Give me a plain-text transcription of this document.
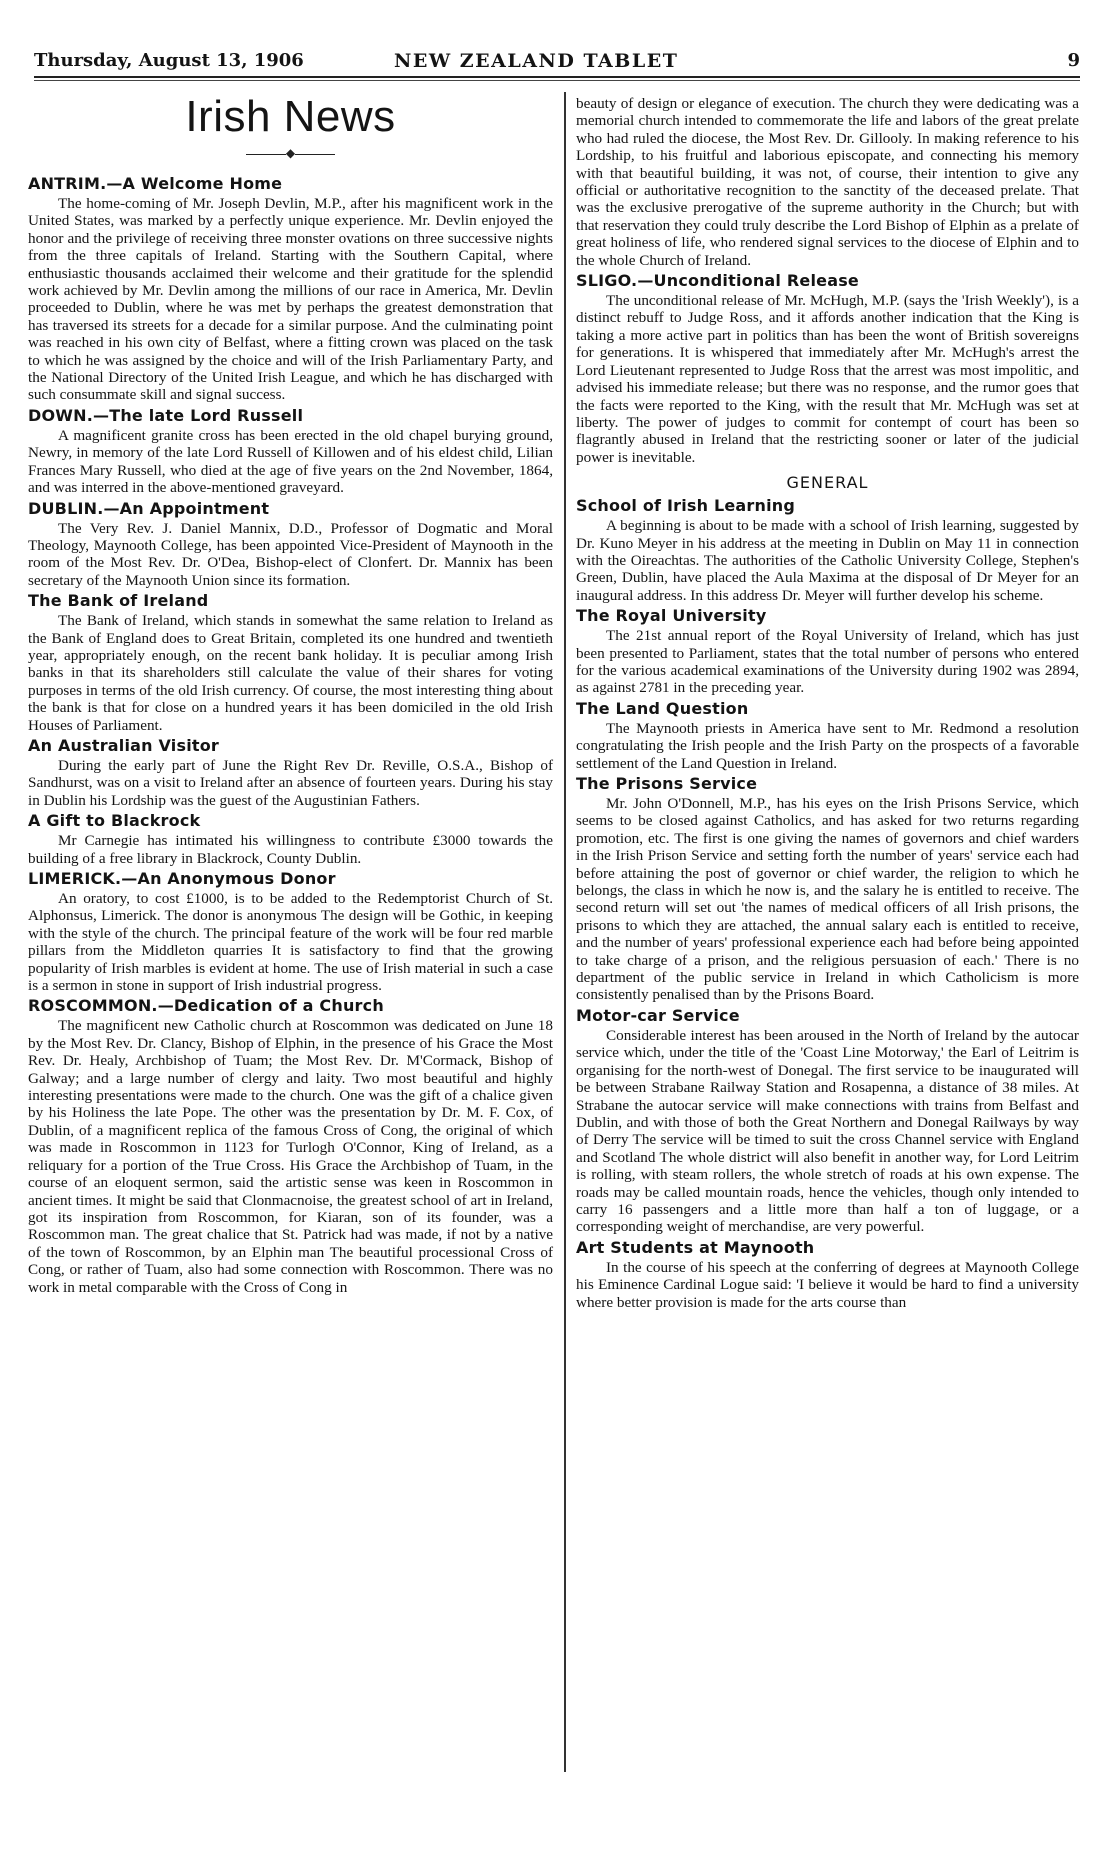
Thursday, August 13, 1906	NEW ZEALAND TABLET	9
Irish News
◆
ANTRIM.—A Welcome Home

The home-coming of Mr. Joseph Devlin, M.P., after his magnificent work in the United States, was marked by a perfectly unique experience. Mr. Devlin enjoyed the honor and the privilege of receiving three monster ovations on three successive nights from the three capitals of Ireland. Starting with the Southern Capital, where enthusiastic thousands acclaimed their welcome and their gratitude for the splendid work achieved by Mr. Devlin among the millions of our race in America, Mr. Devlin proceeded to Dublin, where he was met by perhaps the greatest demonstration that has traversed its streets for a decade for a similar purpose. And the culminating point was reached in his own city of Belfast, where a fitting crown was placed on the task to which he was assigned by the choice and will of the Irish Parliamentary Party, and the National Directory of the United Irish League, and which he has discharged with such consummate skill and signal success.

DOWN.—The late Lord Russell

A magnificent granite cross has been erected in the old chapel burying ground, Newry, in memory of the late Lord Russell of Killowen and of his eldest child, Lilian Frances Mary Russell, who died at the age of five years on the 2nd November, 1864, and was interred in the above-mentioned graveyard.

DUBLIN.—An Appointment

The Very Rev. J. Daniel Mannix, D.D., Professor of Dogmatic and Moral Theology, Maynooth College, has been appointed Vice-President of Maynooth in the room of the Most Rev. Dr. O'Dea, Bishop-elect of Clonfert. Dr. Mannix has been secretary of the Maynooth Union since its formation.

The Bank of Ireland

The Bank of Ireland, which stands in somewhat the same relation to Ireland as the Bank of England does to Great Britain, completed its one hundred and twentieth year, appropriately enough, on the recent bank holiday. It is peculiar among Irish banks in that its shareholders still calculate the value of their shares for voting purposes in terms of the old Irish currency. Of course, the most interesting thing about the bank is that for close on a hundred years it has been domiciled in the old Irish Houses of Parliament.

An Australian Visitor

During the early part of June the Right Rev Dr. Reville, O.S.A., Bishop of Sandhurst, was on a visit to Ireland after an absence of fourteen years. During his stay in Dublin his Lordship was the guest of the Augustinian Fathers.

A Gift to Blackrock

Mr Carnegie has intimated his willingness to contribute £3000 towards the building of a free library in Blackrock, County Dublin.

LIMERICK.—An Anonymous Donor

An oratory, to cost £1000, is to be added to the Redemptorist Church of St. Alphonsus, Limerick. The donor is anonymous The design will be Gothic, in keeping with the style of the church. The principal feature of the work will be four red marble pillars from the Middleton quarries It is satisfactory to find that the growing popularity of Irish marbles is evident at home. The use of Irish material in such a case is a sermon in stone in support of Irish industrial progress.

ROSCOMMON.—Dedication of a Church

The magnificent new Catholic church at Roscommon was dedicated on June 18 by the Most Rev. Dr. Clancy, Bishop of Elphin, in the presence of his Grace the Most Rev. Dr. Healy, Archbishop of Tuam; the Most Rev. Dr. M'Cormack, Bishop of Galway; and a large number of clergy and laity. Two most beautiful and highly interesting presentations were made to the church. One was the gift of a chalice given by his Holiness the late Pope. The other was the presentation by Dr. M. F. Cox, of Dublin, of a magnificent replica of the famous Cross of Cong, the original of which was made in Roscommon in 1123 for Turlogh O'Connor, King of Ireland, as a reliquary for a portion of the True Cross. His Grace the Archbishop of Tuam, in the course of an eloquent sermon, said the artistic sense was keen in Roscommon in ancient times. It might be said that Clonmacnoise, the greatest school of art in Ireland, got its inspiration from Roscommon, for Kiaran, son of its founder, was a Roscommon man. The great chalice that St. Patrick had was made, if not by a native of the town of Roscommon, by an Elphin man The beautiful processional Cross of Cong, or rather of Tuam, also had some connection with Roscommon. There was no work in metal comparable with the Cross of Cong in

beauty of design or elegance of execution. The church they were dedicating was a memorial church intended to commemorate the life and labors of the great prelate who had ruled the diocese, the Most Rev. Dr. Gillooly. In making reference to his Lordship, to his fruitful and laborious episcopate, and connecting his memory with that beautiful building, it was not, of course, their intention to give any official or authoritative recognition to the sanctity of the deceased prelate. That was the exclusive prerogative of the supreme authority in the Church; but with that reservation they could truly describe the Lord Bishop of Elphin as a prelate of great holiness of life, who rendered signal services to the diocese of Elphin and to the whole Church of Ireland.

SLIGO.—Unconditional Release

The unconditional release of Mr. McHugh, M.P. (says the 'Irish Weekly'), is a distinct rebuff to Judge Ross, and it affords another indication that the King is taking a more active part in politics than has been the wont of British sovereigns for generations. It is whispered that immediately after Mr. McHugh's arrest the Lord Lieutenant represented to Judge Ross that the arrest was most impolitic, and advised his immediate release; but there was no response, and the rumor goes that the facts were reported to the King, with the result that Mr. McHugh was set at liberty. The power of judges to commit for contempt of court has been so flagrantly abused in Ireland that the restricting sooner or later of the judicial power is inevitable.

GENERAL
School of Irish Learning

A beginning is about to be made with a school of Irish learning, suggested by Dr. Kuno Meyer in his address at the meeting in Dublin on May 11 in connection with the Oireachtas. The authorities of the Catholic University College, Stephen's Green, Dublin, have placed the Aula Maxima at the disposal of Dr Meyer for an inaugural address. In this address Dr. Meyer will further develop his scheme.

The Royal University

The 21st annual report of the Royal University of Ireland, which has just been presented to Parliament, states that the total number of persons who entered for the various academical examinations of the University during 1902 was 2894, as against 2781 in the preceding year.

The Land Question

The Maynooth priests in America have sent to Mr. Redmond a resolution congratulating the Irish people and the Irish Party on the prospects of a favorable settlement of the Land Question in Ireland.

The Prisons Service

Mr. John O'Donnell, M.P., has his eyes on the Irish Prisons Service, which seems to be closed against Catholics, and has asked for two returns regarding promotion, etc. The first is one giving the names of governors and chief warders in the Irish Prison Service and setting forth the number of years' service each had before attaining the post of governor or chief warder, the religion to which he belongs, the class in which he now is, and the salary he is entitled to receive. The second return will set out 'the names of medical officers of all Irish prisons, the prisons to which they are attached, the annual salary each is entitled to receive, and the number of years' professional experience each had before being appointed to take charge of a prison, and the religious persuasion of each.' There is no department of the public service in Ireland in which Catholicism is more consistently penalised than by the Prisons Board.

Motor-car Service

Considerable interest has been aroused in the North of Ireland by the autocar service which, under the title of the 'Coast Line Motorway,' the Earl of Leitrim is organising for the north-west of Donegal. The first service to be inaugurated will be between Strabane Railway Station and Rosapenna, a distance of 38 miles. At Strabane the autocar service will make connections with trains from Belfast and Dublin, and with those of both the Great Northern and Donegal Railways by way of Derry The service will be timed to suit the cross Channel service with England and Scotland The whole district will also benefit in another way, for Lord Leitrim is rolling, with steam rollers, the whole stretch of roads at his own expense. The roads may be called mountain roads, hence the vehicles, though only intended to carry 16 passengers and a little more than half a ton of luggage, or a corresponding weight of merchandise, are very powerful.

Art Students at Maynooth

In the course of his speech at the conferring of degrees at Maynooth College his Eminence Cardinal Logue said: 'I believe it would be hard to find a university where better provision is made for the arts course than
